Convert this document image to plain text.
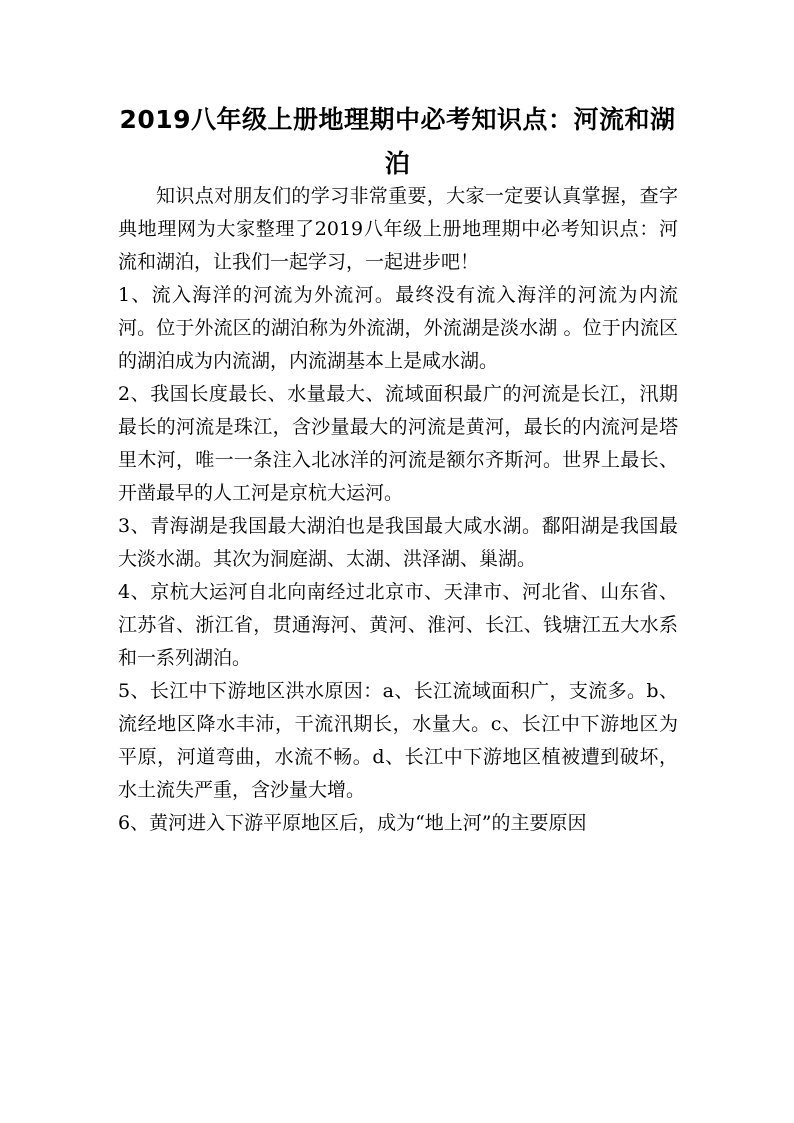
2019八年级上册地理期中必考知识点：河流和湖泊

知识点对朋友们的学习非常重要，大家一定要认真掌握，查字典地理网为大家整理了2019八年级上册地理期中必考知识点：河流和湖泊，让我们一起学习，一起进步吧！

1、流入海洋的河流为外流河。最终没有流入海洋的河流为内流河。位于外流区的湖泊称为外流湖，外流湖是淡水湖 。位于内流区的湖泊成为内流湖，内流湖基本上是咸水湖。

2、我国长度最长、水量最大、流域面积最广的河流是长江，汛期最长的河流是珠江，含沙量最大的河流是黄河，最长的内流河是塔里木河，唯一一条注入北冰洋的河流是额尔齐斯河。世界上最长、开凿最早的人工河是京杭大运河。

3、青海湖是我国最大湖泊也是我国最大咸水湖。鄱阳湖是我国最大淡水湖。其次为洞庭湖、太湖、洪泽湖、巢湖。

4、京杭大运河自北向南经过北京市、天津市、河北省、山东省、江苏省、浙江省，贯通海河、黄河、淮河、长江、钱塘江五大水系和一系列湖泊。

5、长江中下游地区洪水原因：a、长江流域面积广，支流多。b、流经地区降水丰沛，干流汛期长，水量大。c、长江中下游地区为平原，河道弯曲，水流不畅。d、长江中下游地区植被遭到破坏，水土流失严重，含沙量大增。

6、黄河进入下游平原地区后，成为“地上河”的主要原因
